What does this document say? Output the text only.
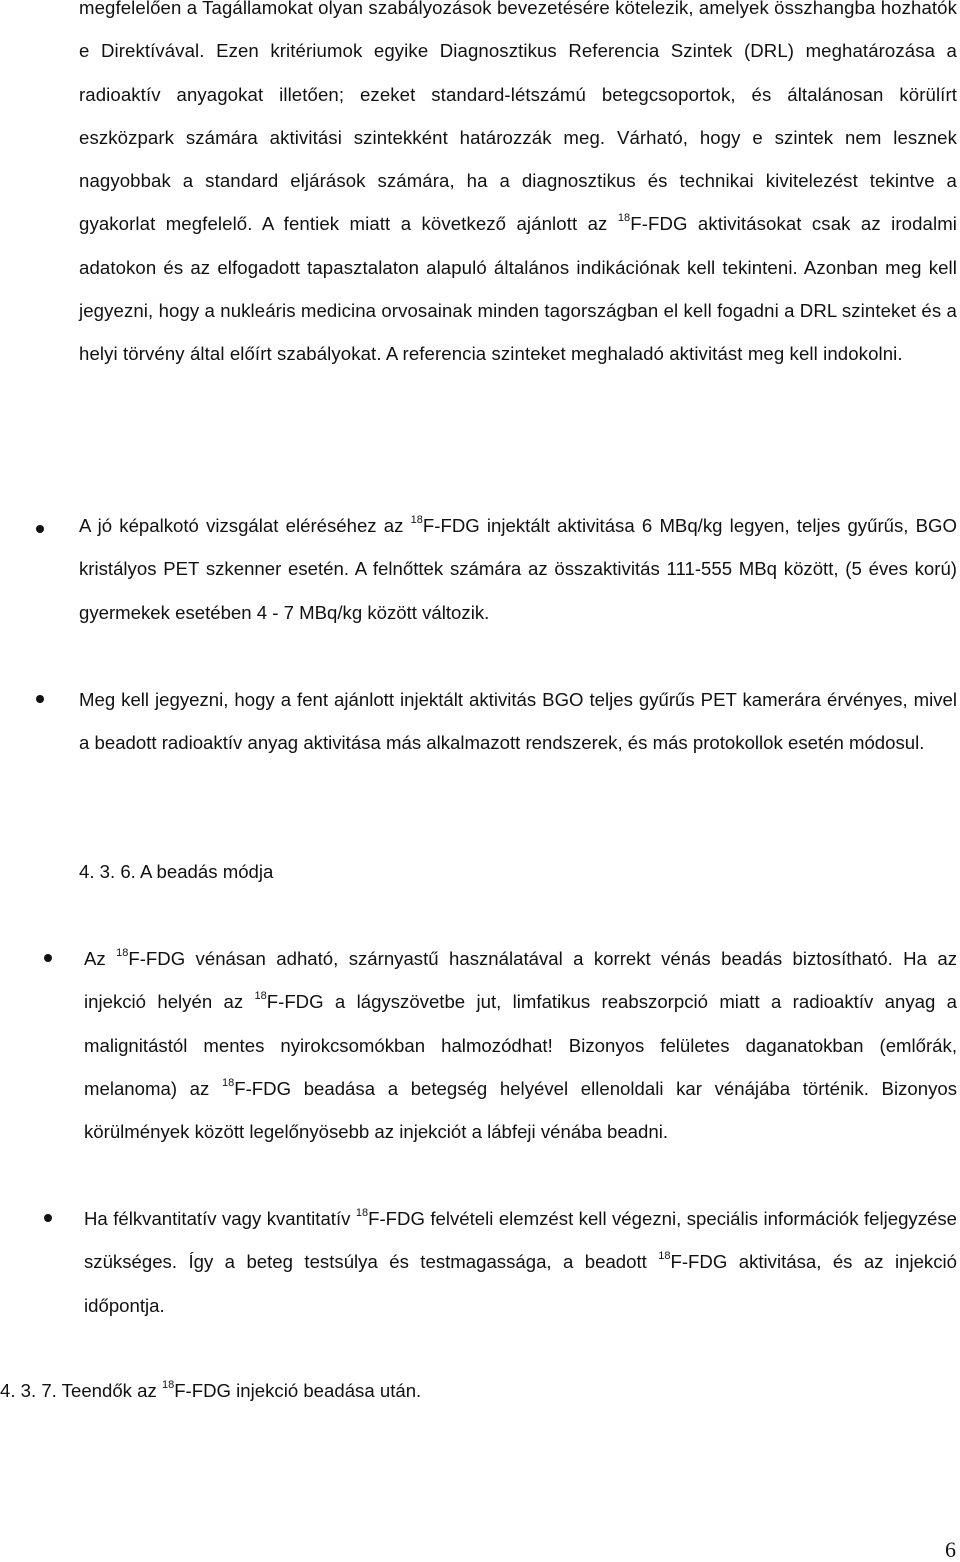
megfelelően a Tagállamokat olyan szabályozások bevezetésére kötelezik, amelyek összhangba hozhatók e Direktívával. Ezen kritériumok egyike Diagnosztikus Referencia Szintek (DRL) meghatározása a radioaktív anyagokat illetően; ezeket standard-létszámú betegcsoportok, és általánosan körülírt eszközpark számára aktivitási szintekként határozzák meg. Várható, hogy e szintek nem lesznek nagyobbak a standard eljárások számára, ha a diagnosztikus és technikai kivitelezést tekintve a gyakorlat megfelelő. A fentiek miatt a következő ajánlott az $^{18}$F-FDG aktivitásokat csak az irodalmi adatokon és az elfogadott tapasztalaton alapuló általános indikációnak kell tekinteni. Azonban meg kell jegyezni, hogy a nukleáris medicina orvosainak minden tagországban el kell fogadni a DRL szinteket és a helyi törvény által előírt szabályokat. A referencia szinteket meghaladó aktivitást meg kell indokolni.

A jó képalkotó vizsgálat eléréséhez az $^{18}$F-FDG injektált aktivitása 6 MBq/kg legyen, teljes gyűrűs, BGO kristályos PET szkenner esetén. A felnőttek számára az összaktivitás 111-555 MBq között, (5 éves korú) gyermekek esetében 4 - 7 MBq/kg között változik.

Meg kell jegyezni, hogy a fent ajánlott injektált aktivitás BGO teljes gyűrűs PET kamerára érvényes, mivel a beadott radioaktív anyag aktivitása más alkalmazott rendszerek, és más protokollok esetén módosul.

4. 3. 6. A beadás módja

Az $^{18}$F-FDG vénásan adható, szárnyastű használatával a korrekt vénás beadás biztosítható. Ha az injekció helyén az $^{18}$F-FDG a lágyszövetbe jut, limfatikus reabszorpció miatt a radioaktív anyag a malignitástól mentes nyirokcsomókban halmozódhat! Bizonyos felületes daganatokban (emlőrák, melanoma) az $^{18}$F-FDG beadása a betegség helyével ellenoldali kar vénájába történik. Bizonyos körülmények között legelőnyösebb az injekciót a lábfeji vénába beadni.

Ha félkvantitatív vagy kvantitatív $^{18}$F-FDG felvételi elemzést kell végezni, speciális információk feljegyzése szükséges. Így a beteg testsúlya és testmagassága, a beadott $^{18}$F-FDG aktivitása, és az injekció időpontja.

4. 3. 7. Teendők az $^{18}$F-FDG injekció beadása után.

6
